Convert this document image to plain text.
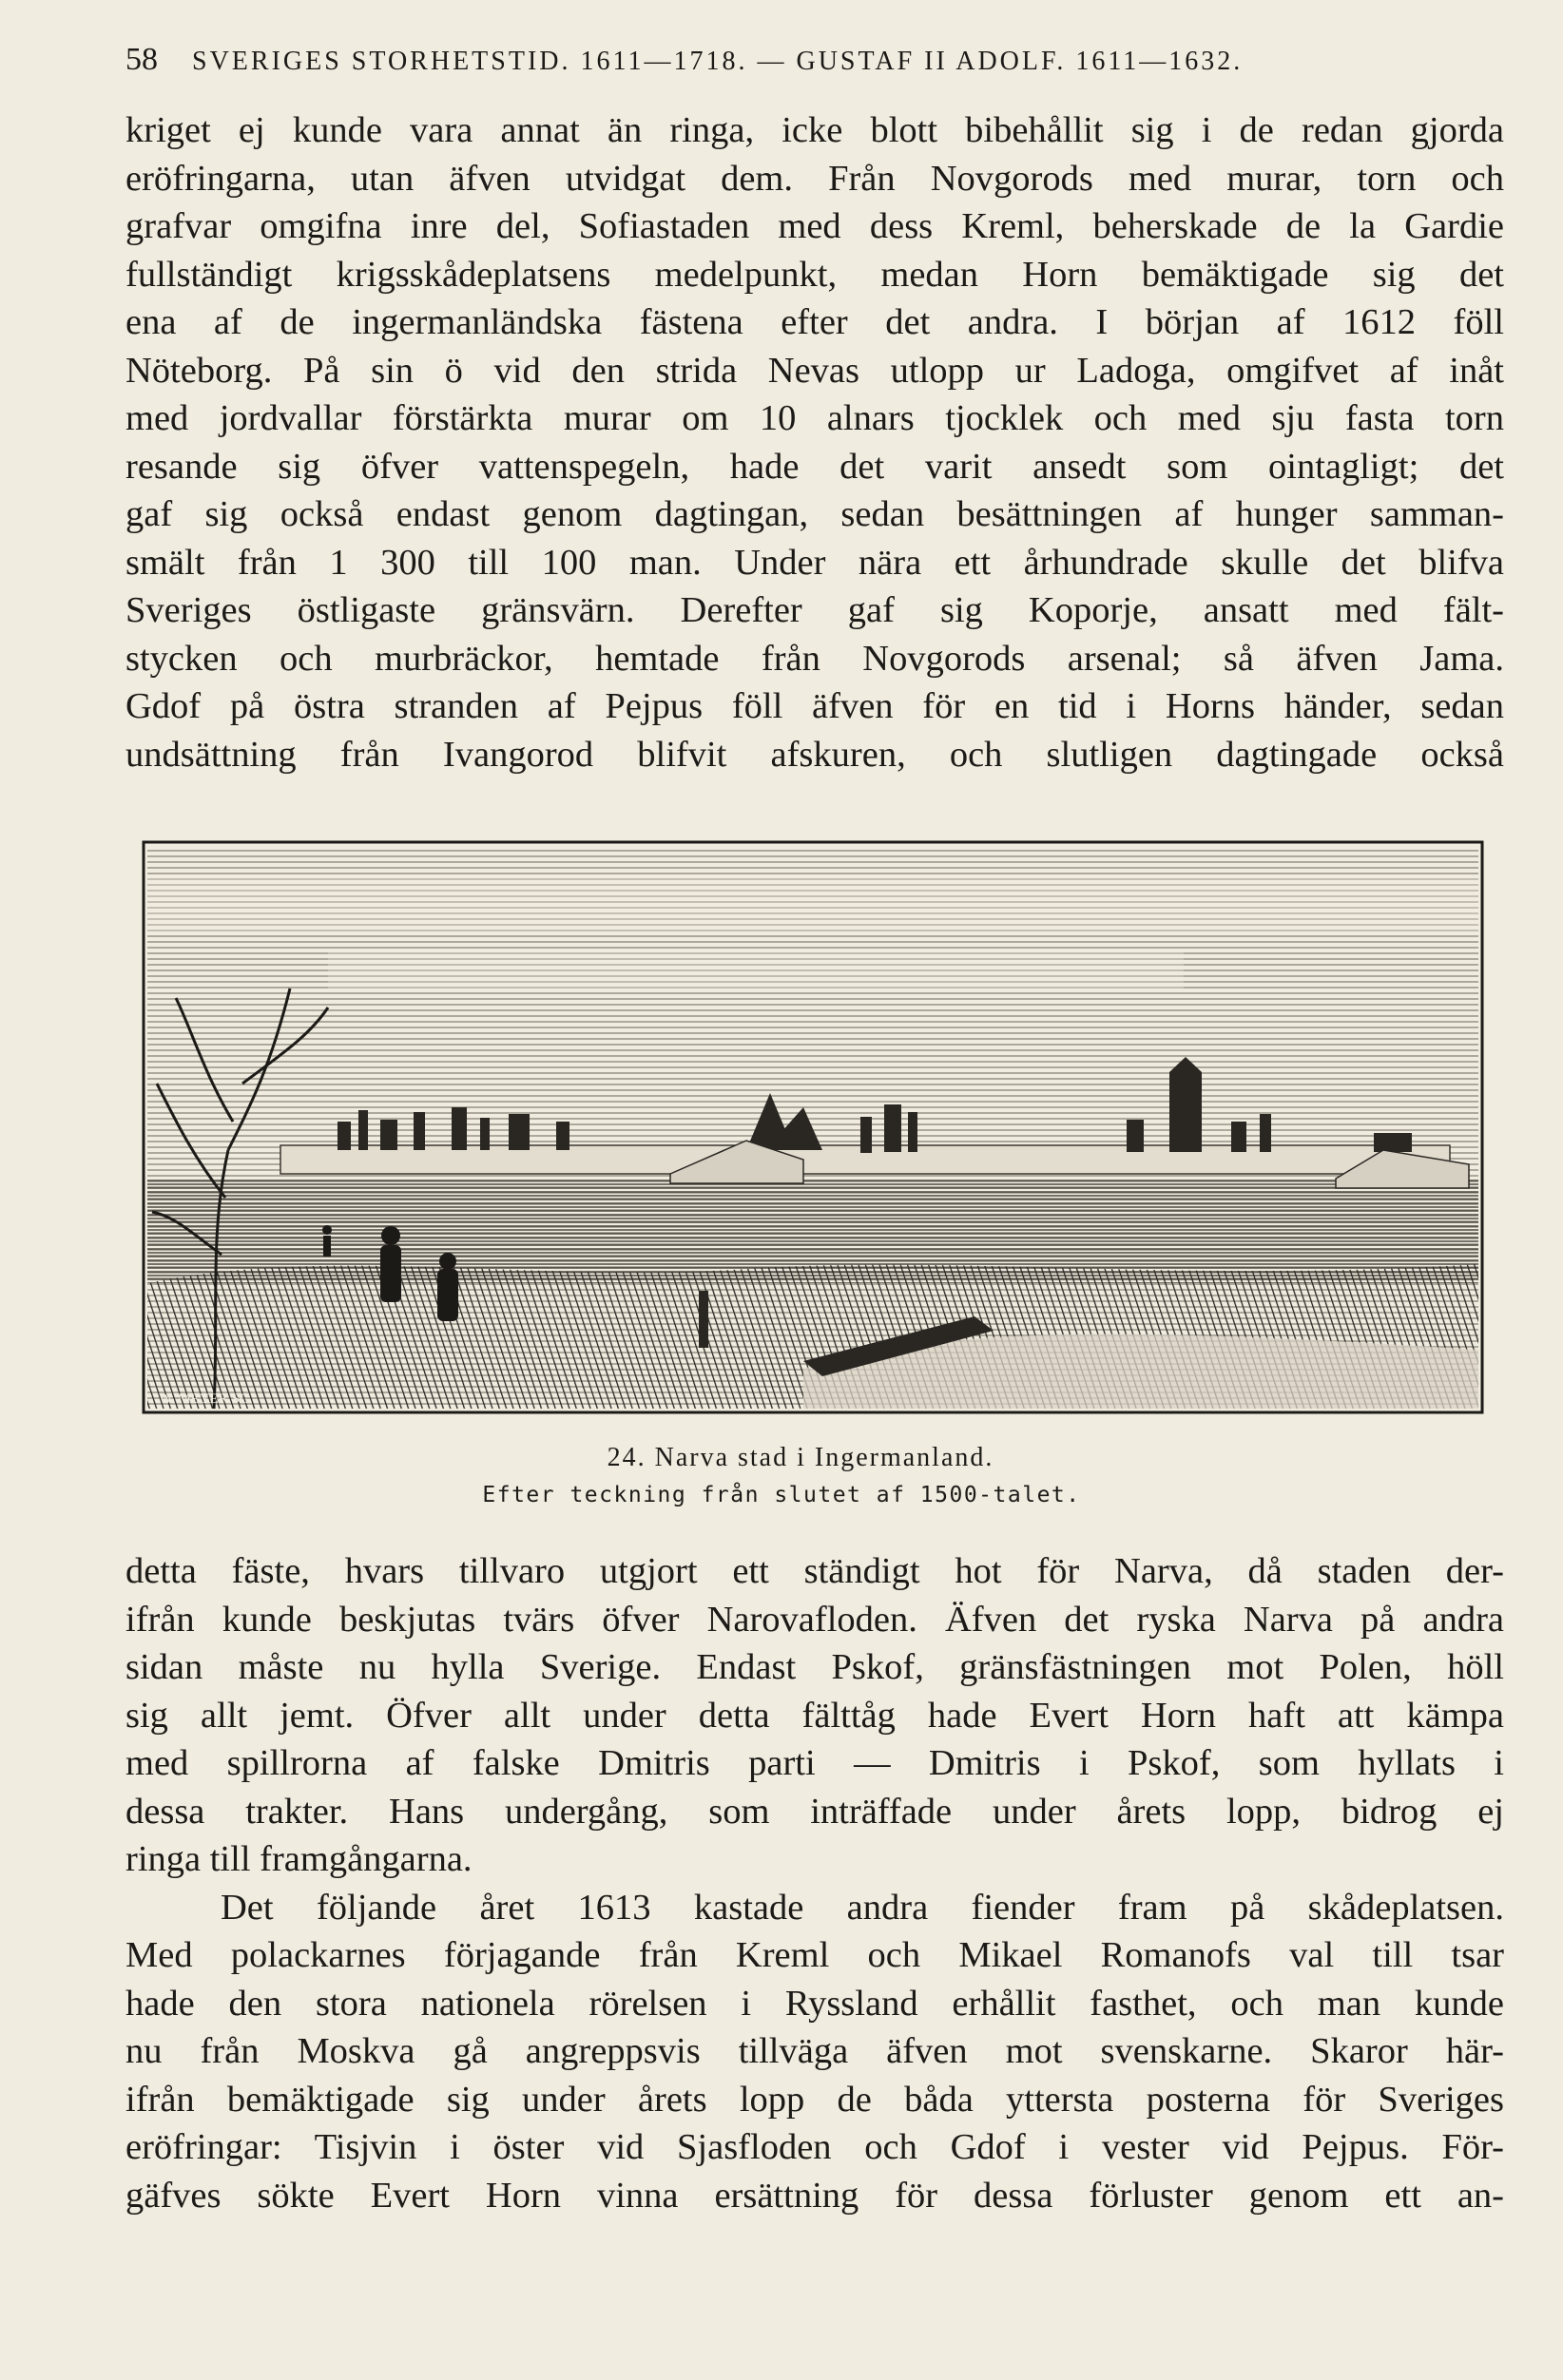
58 SVERIGES STORHETSTID. 1611—1718. — GUSTAF II ADOLF. 1611—1632.
kriget ej kunde vara annat än ringa, icke blott bibehållit sig i de redan gjorda
eröfringarna, utan äfven utvidgat dem. Från Novgorods med murar, torn och
grafvar omgifna inre del, Sofiastaden med dess Kreml, beherskade de la Gardie
fullständigt krigsskådeplatsens medelpunkt, medan Horn bemäktigade sig det
ena af de ingermanländska fästena efter det andra. I början af 1612 föll
Nöteborg. På sin ö vid den strida Nevas utlopp ur Ladoga, omgifvet af inåt
med jordvallar förstärkta murar om 10 alnars tjocklek och med sju fasta torn
resande sig öfver vattenspegeln, hade det varit ansedt som ointagligt; det
gaf sig också endast genom dagtingan, sedan besättningen af hunger samman-
smält från 1 300 till 100 man. Under nära ett århundrade skulle det blifva
Sveriges östligaste gränsvärn. Derefter gaf sig Koporje, ansatt med fält-
stycken och murbräckor, hemtade från Novgorods arsenal; så äfven Jama.
Gdof på östra stranden af Pejpus föll äfven för en tid i Horns händer, sedan
undsättning från Ivangorod blifvit afskuren, och slutligen dagtingade också
W. MEYER SC.
24. Narva stad i Ingermanland.
Efter teckning från slutet af 1500-talet.
detta fäste, hvars tillvaro utgjort ett ständigt hot för Narva, då staden der-
ifrån kunde beskjutas tvärs öfver Narovafloden. Äfven det ryska Narva på andra
sidan måste nu hylla Sverige. Endast Pskof, gränsfästningen mot Polen, höll
sig allt jemt. Öfver allt under detta fälttåg hade Evert Horn haft att kämpa
med spillrorna af falske Dmitris parti — Dmitris i Pskof, som hyllats i
dessa trakter. Hans undergång, som inträffade under årets lopp, bidrog ej
ringa till framgångarna.
Det följande året 1613 kastade andra fiender fram på skådeplatsen.
Med polackarnes förjagande från Kreml och Mikael Romanofs val till tsar
hade den stora nationela rörelsen i Ryssland erhållit fasthet, och man kunde
nu från Moskva gå angreppsvis tillväga äfven mot svenskarne. Skaror här-
ifrån bemäktigade sig under årets lopp de båda yttersta posterna för Sveriges
eröfringar: Tisjvin i öster vid Sjasfloden och Gdof i vester vid Pejpus. För-
gäfves sökte Evert Horn vinna ersättning för dessa förluster genom ett an-
